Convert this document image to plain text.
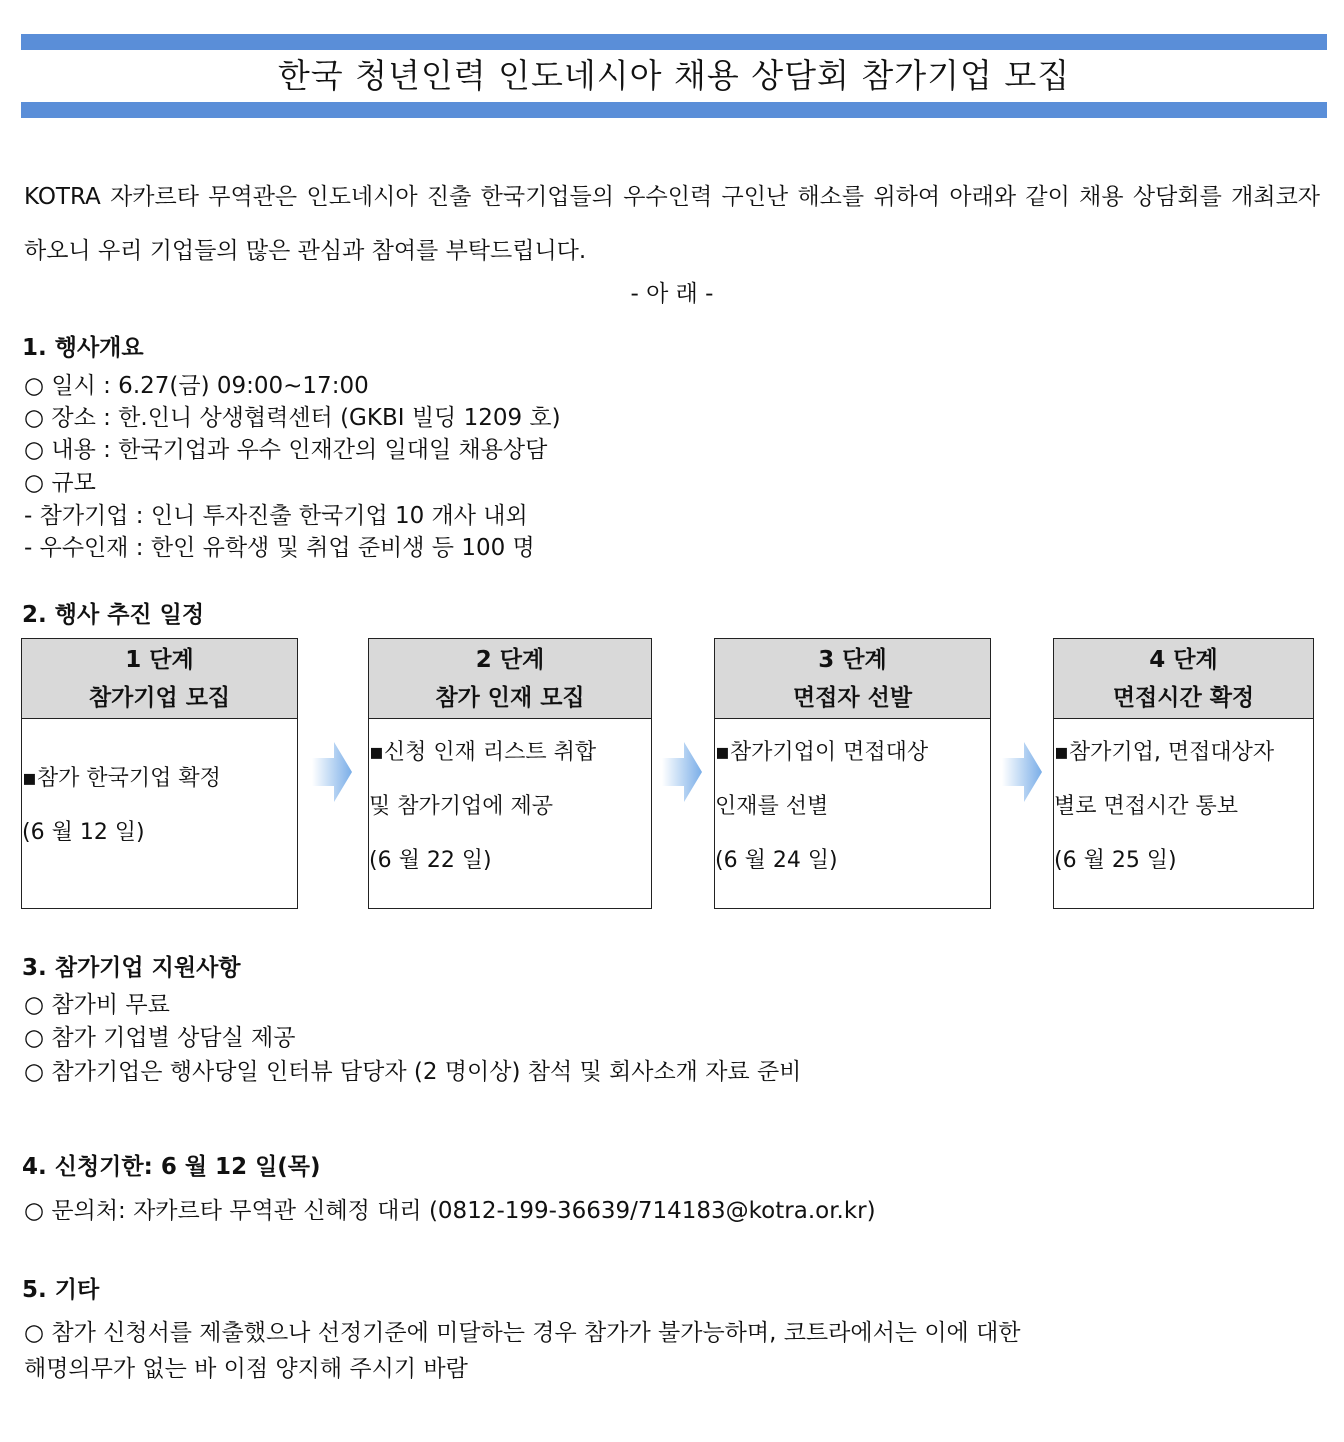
한국 청년인력 인도네시아 채용 상담회 참가기업 모집
KOTRA 자카르타 무역관은 인도네시아 진출 한국기업들의 우수인력 구인난 해소를 위하여 아래와 같이 채용 상담회를 개최코자 하오니 우리 기업들의 많은 관심과 참여를 부탁드립니다.
- 아 래 -
1. 행사개요
○ 일시 : 6.27(금) 09:00~17:00
○ 장소 : 한.인니 상생협력센터 (GKBI 빌딩 1209 호)
○ 내용 : 한국기업과 우수 인재간의 일대일 채용상담
○ 규모
- 참가기업 : 인니 투자진출 한국기업 10 개사 내외
- 우수인재 : 한인 유학생 및 취업 준비생 등 100 명
2. 행사 추진 일정
1 단계
참가기업 모집
▪참가 한국기업 확정
(6 월 12 일)
2 단계
참가 인재 모집
▪신청 인재 리스트 취합
및 참가기업에 제공
(6 월 22 일)
3 단계
면접자 선발
▪참가기업이 면접대상
인재를 선별
(6 월 24 일)
4 단계
면접시간 확정
▪참가기업, 면접대상자
별로 면접시간 통보
(6 월 25 일)
3. 참가기업 지원사항
○ 참가비 무료
○ 참가 기업별 상담실 제공
○ 참가기업은 행사당일 인터뷰 담당자 (2 명이상) 참석 및 회사소개 자료 준비
4. 신청기한: 6 월 12 일(목)
○ 문의처: 자카르타 무역관 신혜정 대리 (0812-199-36639/714183@kotra.or.kr)
5. 기타
○ 참가 신청서를 제출했으나 선정기준에 미달하는 경우 참가가 불가능하며, 코트라에서는 이에 대한
해명의무가 없는 바 이점 양지해 주시기 바람
